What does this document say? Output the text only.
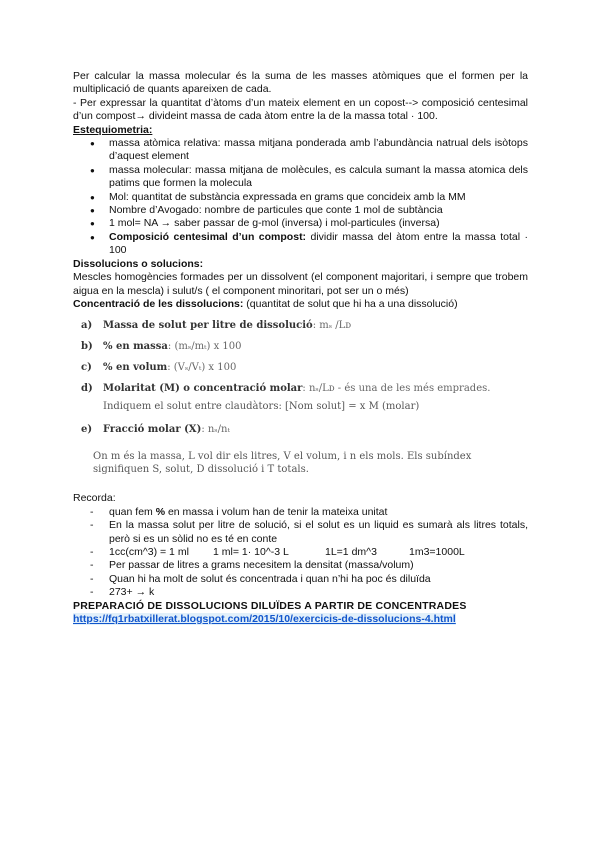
Per calcular la massa molecular és la suma de les masses atòmiques que el formen per la multiplicació de quants apareixen de cada.

- Per expressar la quantitat d’àtoms d’un mateix element en un copost--> composició centesimal d’un compost→ divideint massa de cada àtom entre la de la massa total · 100.

Estequiometria:
● massa atòmica relativa: massa mitjana ponderada amb l’abundància natrual dels isòtops d’aquest element
● massa molecular: massa mitjana de molècules, es calcula sumant la massa atomica dels patims que formen la molecula
● Mol: quantitat de substància expressada en grams que concideix amb la MM
● Nombre d’Avogado: nombre de particules que conte 1 mol de subtància
● 1 mol= NA → saber passar de g-mol (inversa) i mol-particules (inversa)
● Composició centesimal d’un compost: dividir massa del àtom entre la massa total · 100
Dissolucions o solucions:

Mescles homogències formades per un dissolvent (el component majoritari, i sempre que trobem aigua en la mescla) i sulut/s ( el component minoritari, pot ser un o més)

Concentració de les dissolucions: (quantitat de solut que hi ha a una dissolució)
a)	Massa de solut per litre de dissolució: mₛ /Lᴅ
b)	% en massa: (mₛ/mₜ) x 100
c)	% en volum: (Vₛ/Vₜ) x 100
d)	Molaritat (M) o concentració molar: nₛ/Lᴅ - és una de les més emprades.
Indiquem el solut entre claudàtors: [Nom solut] = x M (molar)
e)	Fracció molar (X): nₛ/nₜ
On m és la massa, L vol dir els litres, V el volum, i n els mols. Els subíndex signifiquen S, solut, D dissolució i T totals.
Recorda:
- quan fem % en massa i volum han de tenir la mateixa unitat
- En la massa solut per litre de solució, si el solut es un liquid es sumarà als litres totals, però si es un sòlid no es té en conte
- 1cc(cm^3) = 1 ml 1 ml= 1· 10^-3 L	1L=1 dm^3	1m3=1000L
- Per passar de litres a grams necesitem la densitat (massa/volum)
- Quan hi ha molt de solut és concentrada i quan n’hi ha poc és diluïda
- 273+ → k
PREPARACIÓ DE DISSOLUCIONS DILUÏDES A PARTIR DE CONCENTRADES
https://fq1rbatxillerat.blogspot.com/2015/10/exercicis-de-dissolucions-4.html
